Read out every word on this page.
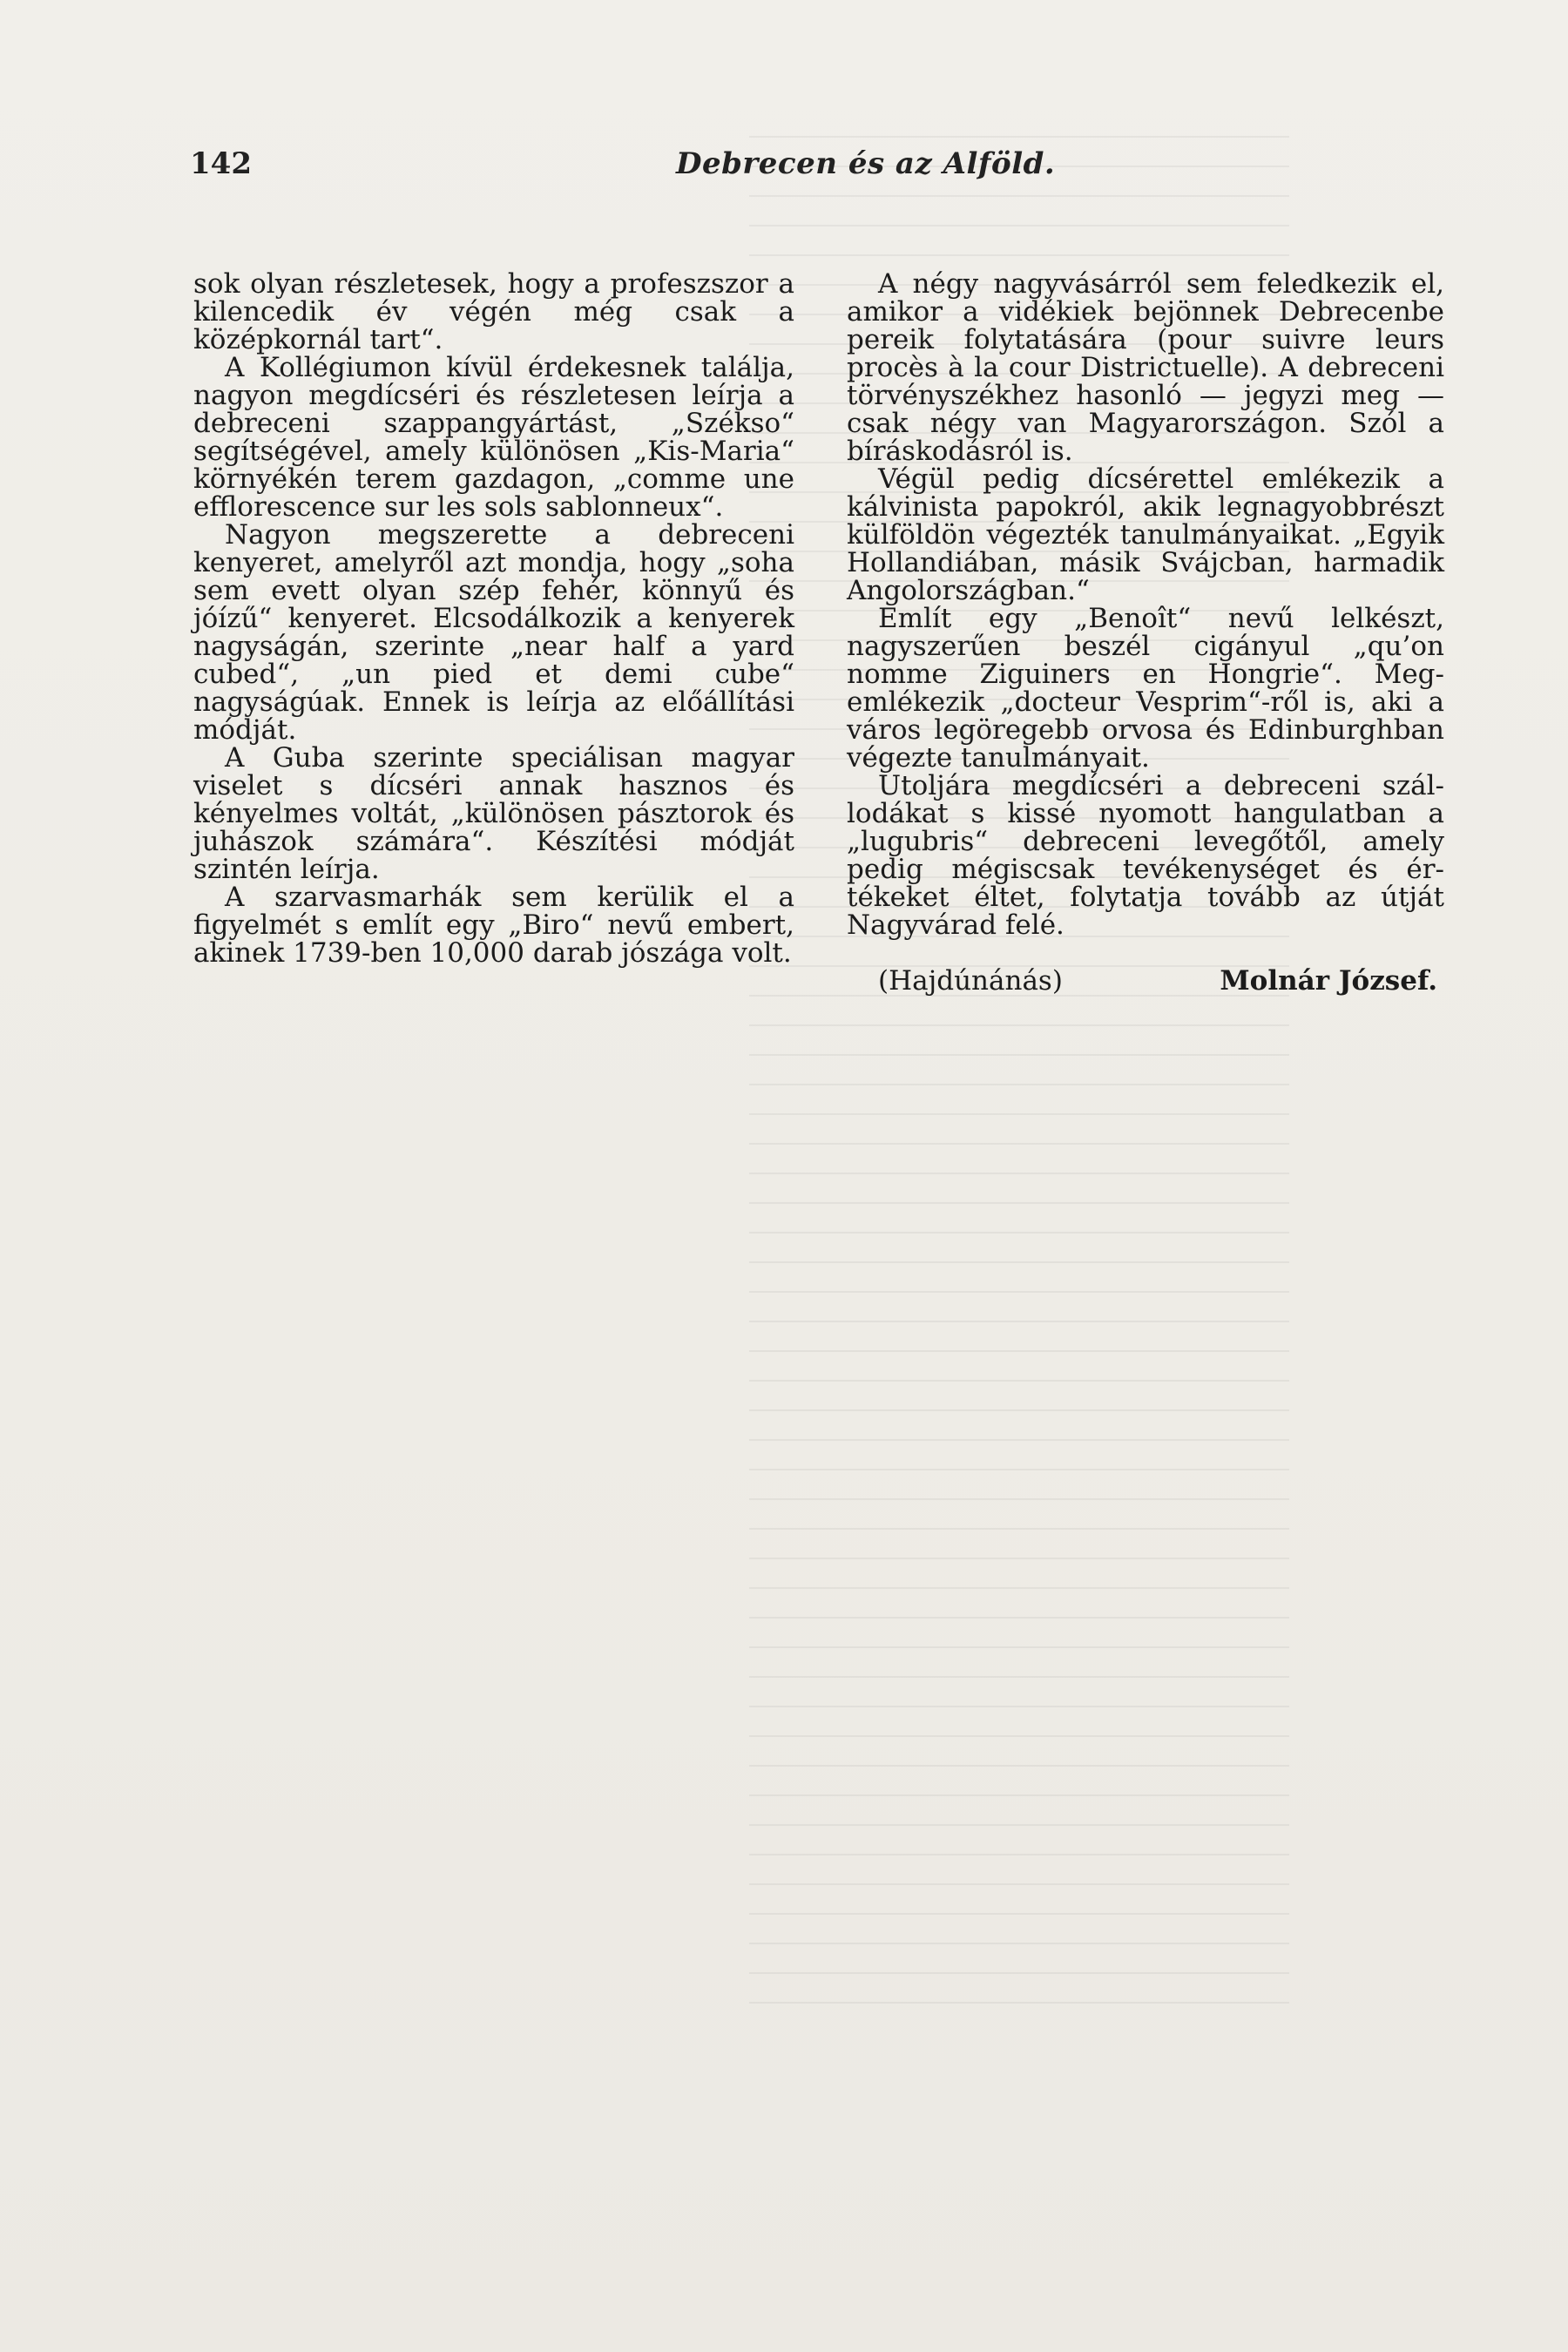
142	Debrecen és az Alföld.

sok olyan részletesek, hogy a profeszszor a kilencedik év végén még csak a középkornál tart“.

A Kollégiumon kívül érdekesnek találja, nagyon megdícséri és részletesen leírja a debreceni szappangyártást, „Székso“ segítségével, amely különösen „Kis-Maria“ környékén terem gazdagon, „comme une efflorescence sur les sols sablonneux“.

Nagyon megszerette a debreceni kenyeret, amelyről azt mondja, hogy „soha sem evett olyan szép fehér, könnyű és jóízű“ kenyeret. Elcsodálkozik a kenyerek nagyságán, szerinte „near half a yard cubed“, „un pied et demi cube“ nagyságúak. Ennek is leírja az előállítási módját.

A Guba szerinte speciálisan magyar viselet s dícséri annak hasznos és kényelmes voltát, „különösen pásztorok és juhászok számára“. Készítési módját szintén leírja.

A szarvasmarhák sem kerülik el a figyelmét s említ egy „Biro“ nevű embert, akinek 1739-ben 10,000 darab jószága volt.

A négy nagyvásárról sem feledkezik el, amikor a vidékiek bejönnek Debrecenbe pereik folytatására (pour suivre leurs procès à la cour Districtuelle). A debreceni törvényszékhez hasonló — jegyzi meg — csak négy van Magyarországon. Szól a bíráskodásról is.

Végül pedig dícsérettel emlékezik a kálvinista papokról, akik legnagyobbrészt külföldön végezték tanulmányaikat. „Egyik Hollandiában, másik Svájcban, harmadik Angolországban.“

Említ egy „Benoît“ nevű lelkészt, nagyszerűen beszél cigányul „qu’on nomme Ziguiners en Hongrie“. Megemlékezik „docteur Vesprim“-ről is, aki a város legöregebb orvosa és Edinburghban végezte tanulmányait.

Utoljára megdícséri a debreceni szállodákat s kissé nyomott hangulatban a „lugubris“ debreceni levegőtől, amely pedig mégiscsak tevékenységet és értékeket éltet, folytatja tovább az útját Nagyvárad felé.

(Hajdúnánás)	Molnár József.
